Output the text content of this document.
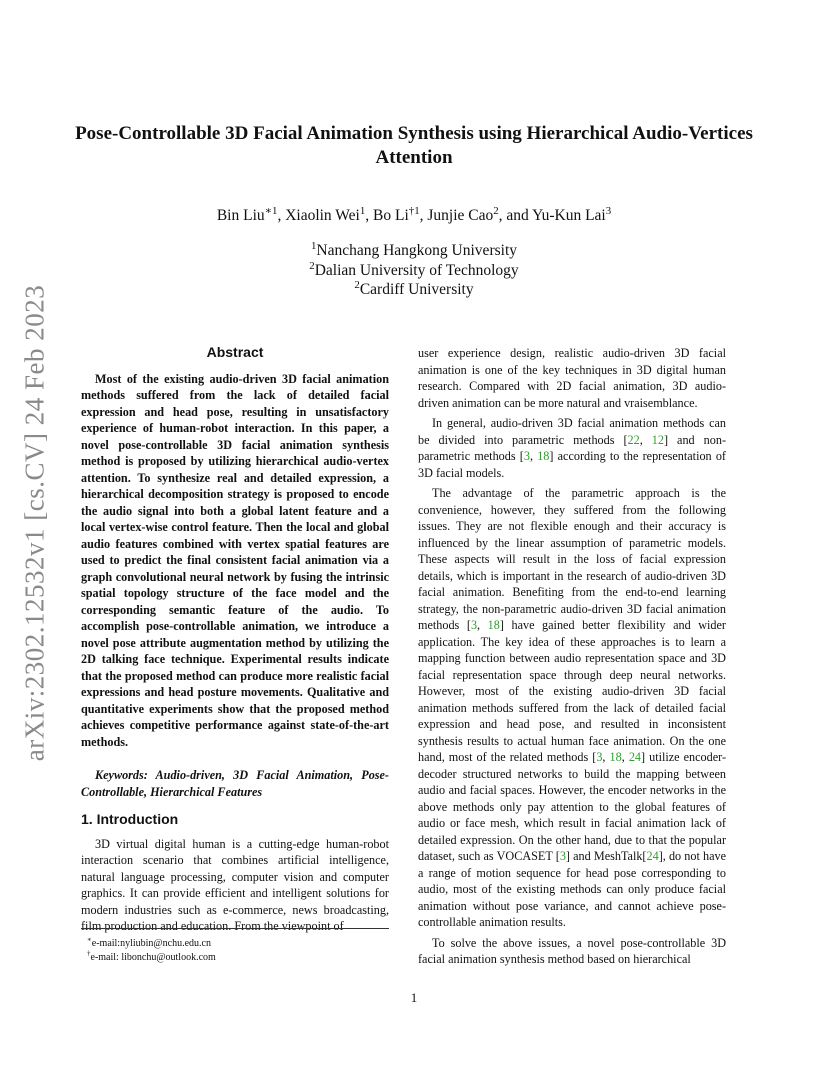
arXiv:2302.12532v1 [cs.CV] 24 Feb 2023
Pose-Controllable 3D Facial Animation Synthesis using Hierarchical Audio-Vertices Attention
Bin Liu$^{∗1}$, Xiaolin Wei$^1$, Bo Li$^{\dagger 1}$, Junjie Cao$^2$, and Yu-Kun Lai$^3$
$^1$Nanchang Hangkong University
$^2$Dalian University of Technology
$^2$Cardiff University
Abstract

Most of the existing audio-driven 3D facial animation methods suffered from the lack of detailed facial expression and head pose, resulting in unsatisfactory experience of human-robot interaction. In this paper, a novel pose-controllable 3D facial animation synthesis method is proposed by utilizing hierarchical audio-vertex attention. To synthesize real and detailed expression, a hierarchical decomposition strategy is proposed to encode the audio signal into both a global latent feature and a local vertex-wise control feature. Then the local and global audio features combined with vertex spatial features are used to predict the final consistent facial animation via a graph convolutional neural network by fusing the intrinsic spatial topology structure of the face model and the corresponding semantic feature of the audio. To accomplish pose-controllable animation, we introduce a novel pose attribute augmentation method by utilizing the 2D talking face technique. Experimental results indicate that the proposed method can produce more realistic facial expressions and head posture movements. Qualitative and quantitative experiments show that the proposed method achieves competitive performance against state-of-the-art methods.

Keywords: Audio-driven, 3D Facial Animation, Pose-Controllable, Hierarchical Features

1. Introduction

3D virtual digital human is a cutting-edge human-robot interaction scenario that combines artificial intelligence, natural language processing, computer vision and computer graphics. It can provide efficient and intelligent solutions for modern industries such as e-commerce, news broadcasting, film production and education. From the viewpoint of

∗e-mail:nyliubin@nchu.edu.cn
†e-mail: libonchu@outlook.com

user experience design, realistic audio-driven 3D facial animation is one of the key techniques in 3D digital human research. Compared with 2D facial animation, 3D audio-driven animation can be more natural and vraisemblance.

In general, audio-driven 3D facial animation methods can be divided into parametric methods [22, 12] and non-parametric methods [3, 18] according to the representation of 3D facial models.

The advantage of the parametric approach is the convenience, however, they suffered from the following issues. They are not flexible enough and their accuracy is influenced by the linear assumption of parametric models. These aspects will result in the loss of facial expression details, which is important in the research of audio-driven 3D facial animation. Benefiting from the end-to-end learning strategy, the non-parametric audio-driven 3D facial animation methods [3, 18] have gained better flexibility and wider application. The key idea of these approaches is to learn a mapping function between audio representation space and 3D facial representation space through deep neural networks. However, most of the existing audio-driven 3D facial animation methods suffered from the lack of detailed facial expression and head pose, and resulted in inconsistent synthesis results to actual human face animation. On the one hand, most of the related methods [3, 18, 24] utilize encoder-decoder structured networks to build the mapping between audio and facial spaces. However, the encoder networks in the above methods only pay attention to the global features of audio or face mesh, which result in facial animation lack of detailed expression. On the other hand, due to that the popular dataset, such as VOCASET [3] and MeshTalk[24], do not have a range of motion sequence for head pose corresponding to audio, most of the existing methods can only produce facial animation without pose variance, and cannot achieve pose-controllable animation results.

To solve the above issues, a novel pose-controllable 3D facial animation synthesis method based on hierarchical

1
